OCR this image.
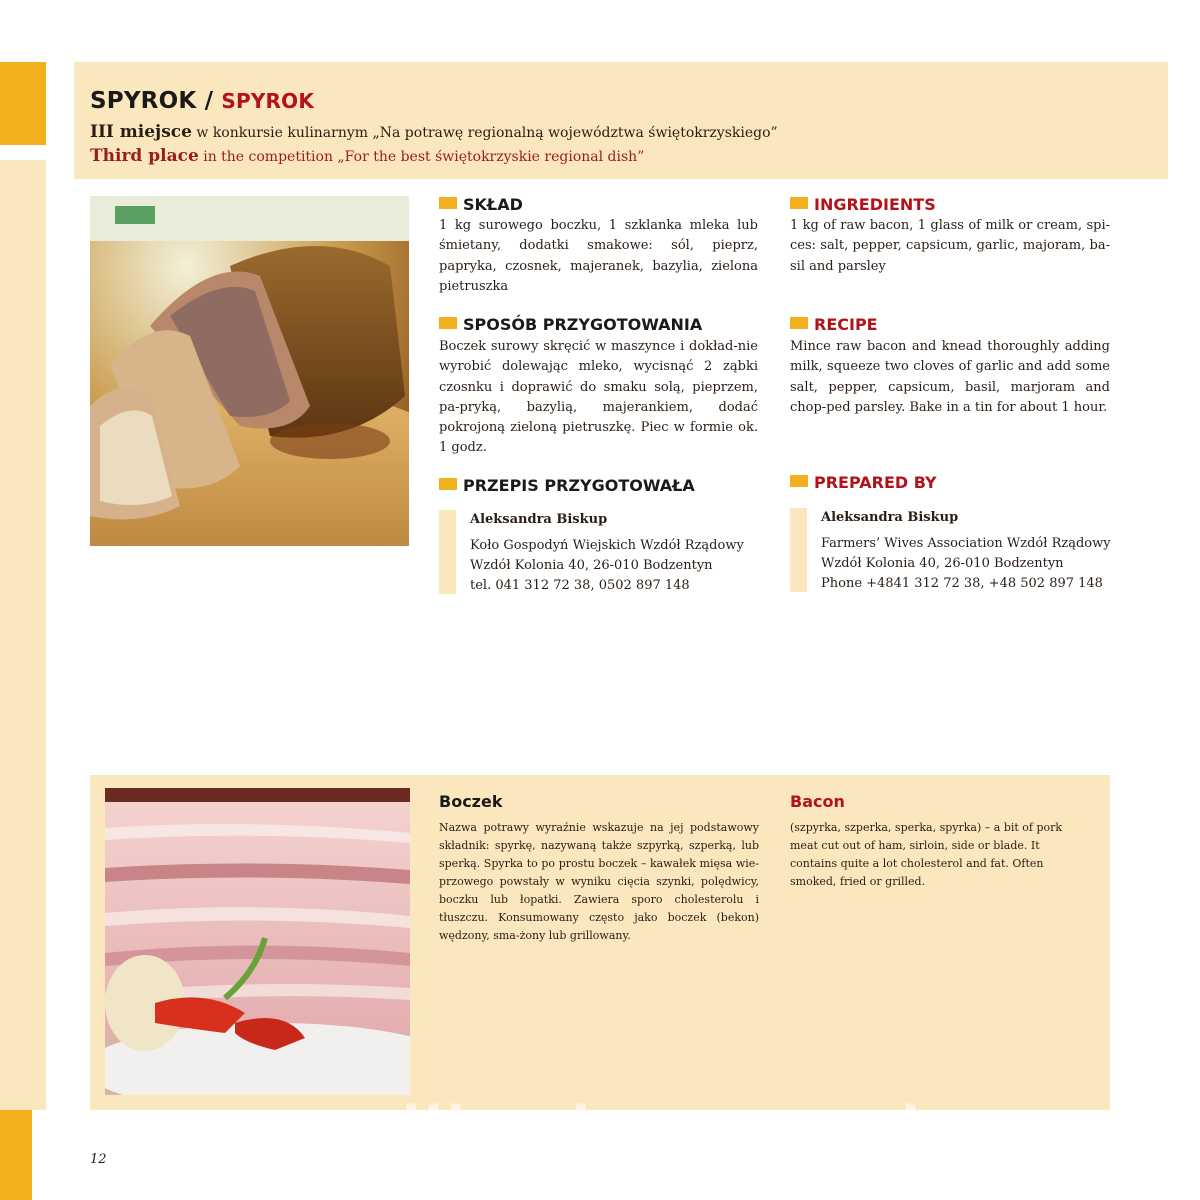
SPYROK / SPYROK
III miejsce w konkursie kulinarnym „Na potrawę regionalną województwa świętokrzyskiego”
Third place in the competition „For the best świętokrzyskie regional dish”
SKŁAD

1 kg surowego boczku, 1 szklanka mleka lub śmietany, dodatki smakowe: sól, pieprz, papryka, czosnek, majeranek, bazylia, zielona pietruszka

INGREDIENTS

1 kg of raw bacon, 1 glass of milk or cream, spi-ces: salt, pepper, capsicum, garlic, majoram, ba-sil and parsley

SPOSÓB PRZYGOTOWANIA

Boczek surowy skręcić w maszynce i dokład-nie wyrobić dolewając mleko, wycisnąć 2 ząbki czosnku i doprawić do smaku solą, pieprzem, pa-pryką, bazylią, majerankiem, dodać pokrojoną zieloną pietruszkę. Piec w formie ok. 1 godz.

RECIPE

Mince raw bacon and knead thoroughly adding milk, squeeze two cloves of garlic and add some salt, pepper, capsicum, basil, marjoram and chop-ped parsley. Bake in a tin for about 1 hour.

PRZEPIS PRZYGOTOWAŁA
Aleksandra Biskup
Koło Gospodyń Wiejskich Wzdół Rządowy
Wzdół Kolonia 40, 26-010 Bodzentyn
tel. 041 312 72 38, 0502 897 148
PREPARED BY
Aleksandra Biskup
Farmers’ Wives Association Wzdół Rządowy
Wzdół Kolonia 40, 26-010 Bodzentyn
Phone +4841 312 72 38, +48 502 897 148
Boczek

Nazwa potrawy wyraźnie wskazuje na jej podstawowy składnik: spyrkę, nazywaną także szpyrką, szperką, lub sperką. Spyrka to po prostu boczek – kawałek mięsa wie-przowego powstały w wyniku cięcia szynki, polędwicy, boczku lub łopatki. Zawiera sporo cholesterolu i tłuszczu. Konsumowany często jako boczek (bekon) wędzony, sma-żony lub grillowany.

Bacon

(szpyrka, szperka, sperka, spyrka) – a bit of pork meat cut out of ham, sirloin, side or blade. It contains quite a lot cholesterol and fat. Often smoked, fried or grilled.

wedlinydomowe.pl
12
